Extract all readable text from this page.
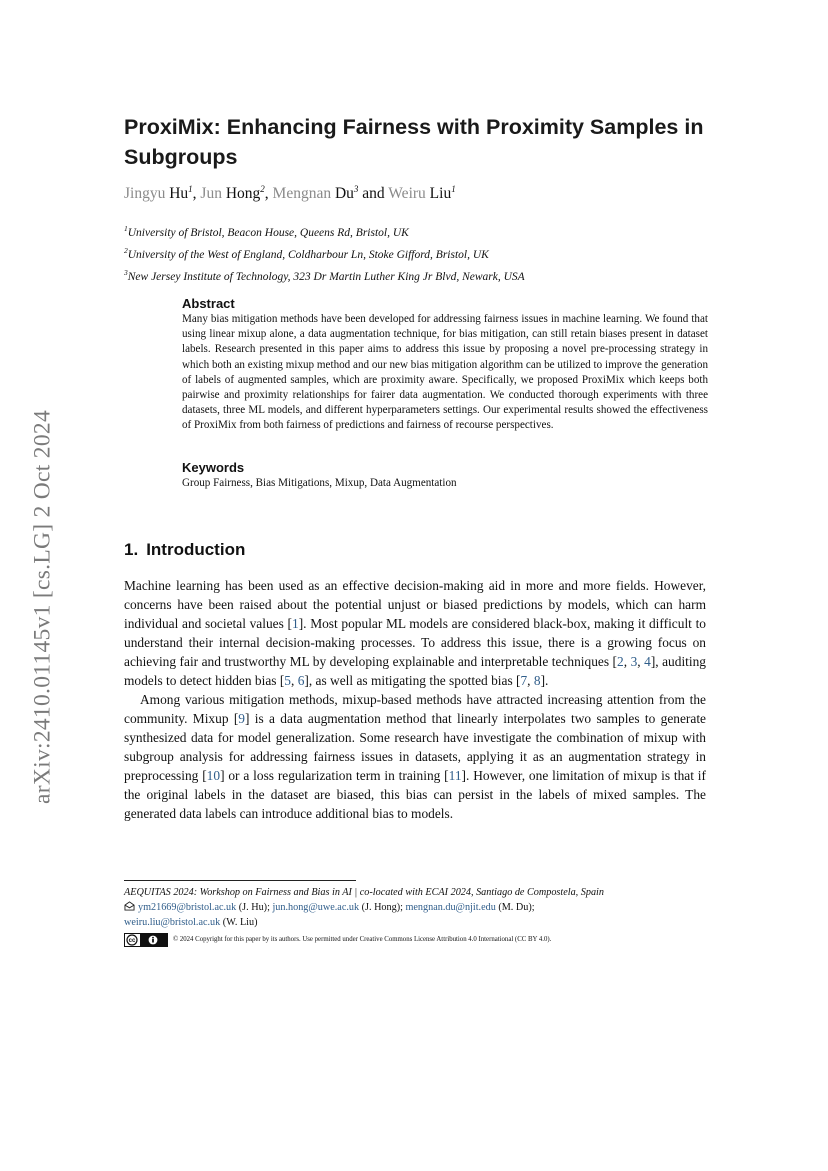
arXiv:2410.01145v1 [cs.LG] 2 Oct 2024
ProxiMix: Enhancing Fairness with Proximity Samples in Subgroups
Jingyu Hu$^1$, Jun Hong$^2$, Mengnan Du$^3$ and Weiru Liu$^1$
$^1$University of Bristol, Beacon House, Queens Rd, Bristol, UK
$^2$University of the West of England, Coldharbour Ln, Stoke Gifford, Bristol, UK
$^3$New Jersey Institute of Technology, 323 Dr Martin Luther King Jr Blvd, Newark, USA
Abstract

Many bias mitigation methods have been developed for addressing fairness issues in machine learning. We found that using linear mixup alone, a data augmentation technique, for bias mitigation, can still retain biases present in dataset labels. Research presented in this paper aims to address this issue by proposing a novel pre-processing strategy in which both an existing mixup method and our new bias mitigation algorithm can be utilized to improve the generation of labels of augmented samples, which are proximity aware. Specifically, we proposed ProxiMix which keeps both pairwise and proximity relationships for fairer data augmentation. We conducted thorough experiments with three datasets, three ML models, and different hyperparameters settings. Our experimental results showed the effectiveness of ProxiMix from both fairness of predictions and fairness of recourse perspectives.

Keywords

Group Fairness, Bias Mitigations, Mixup, Data Augmentation

1. Introduction

Machine learning has been used as an effective decision-making aid in more and more fields. However, concerns have been raised about the potential unjust or biased predictions by models, which can harm individual and societal values [1]. Most popular ML models are considered black-box, making it difficult to understand their internal decision-making processes. To address this issue, there is a growing focus on achieving fair and trustworthy ML by developing explainable and interpretable techniques [2, 3, 4], auditing models to detect hidden bias [5, 6], as well as mitigating the spotted bias [7, 8].

Among various mitigation methods, mixup-based methods have attracted increasing attention from the community. Mixup [9] is a data augmentation method that linearly interpolates two samples to generate synthesized data for model generalization. Some research have investigate the combination of mixup with subgroup analysis for addressing fairness issues in datasets, applying it as an augmentation strategy in preprocessing [10] or a loss regularization term in training [11]. However, one limitation of mixup is that if the original labels in the dataset are biased, this bias can persist in the labels of mixed samples. The generated data labels can introduce additional bias to models.

AEQUITAS 2024: Workshop on Fairness and Bias in AI | co-located with ECAI 2024, Santiago de Compostela, Spain
ym21669@bristol.ac.uk (J. Hu); jun.hong@uwe.ac.uk (J. Hong); mengnan.du@njit.edu (M. Du);
weiru.liu@bristol.ac.uk (W. Liu)
cc	© 2024 Copyright for this paper by its authors. Use permitted under Creative Commons License Attribution 4.0 International (CC BY 4.0).
